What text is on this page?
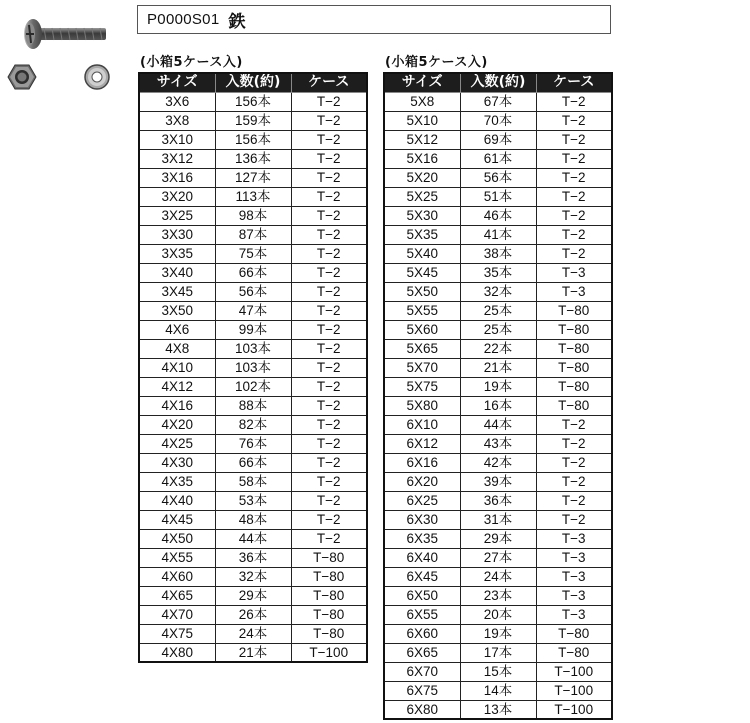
P0000S01 鉄
(小箱5ケース入)	(小箱5ケース入)
サイズ	入数(約)	ケース
3X6	156本	T−2
3X8	159本	T−2
3X10	156本	T−2
3X12	136本	T−2
3X16	127本	T−2
3X20	113本	T−2
3X25	98本	T−2
3X30	87本	T−2
3X35	75本	T−2
3X40	66本	T−2
3X45	56本	T−2
3X50	47本	T−2
4X6	99本	T−2
4X8	103本	T−2
4X10	103本	T−2
4X12	102本	T−2
4X16	88本	T−2
4X20	82本	T−2
4X25	76本	T−2
4X30	66本	T−2
4X35	58本	T−2
4X40	53本	T−2
4X45	48本	T−2
4X50	44本	T−2
4X55	36本	T−80
4X60	32本	T−80
4X65	29本	T−80
4X70	26本	T−80
4X75	24本	T−80
4X80	21本	T−100
サイズ	入数(約)	ケース
5X8	67本	T−2
5X10	70本	T−2
5X12	69本	T−2
5X16	61本	T−2
5X20	56本	T−2
5X25	51本	T−2
5X30	46本	T−2
5X35	41本	T−2
5X40	38本	T−2
5X45	35本	T−3
5X50	32本	T−3
5X55	25本	T−80
5X60	25本	T−80
5X65	22本	T−80
5X70	21本	T−80
5X75	19本	T−80
5X80	16本	T−80
6X10	44本	T−2
6X12	43本	T−2
6X16	42本	T−2
6X20	39本	T−2
6X25	36本	T−2
6X30	31本	T−2
6X35	29本	T−3
6X40	27本	T−3
6X45	24本	T−3
6X50	23本	T−3
6X55	20本	T−3
6X60	19本	T−80
6X65	17本	T−80
6X70	15本	T−100
6X75	14本	T−100
6X80	13本	T−100
